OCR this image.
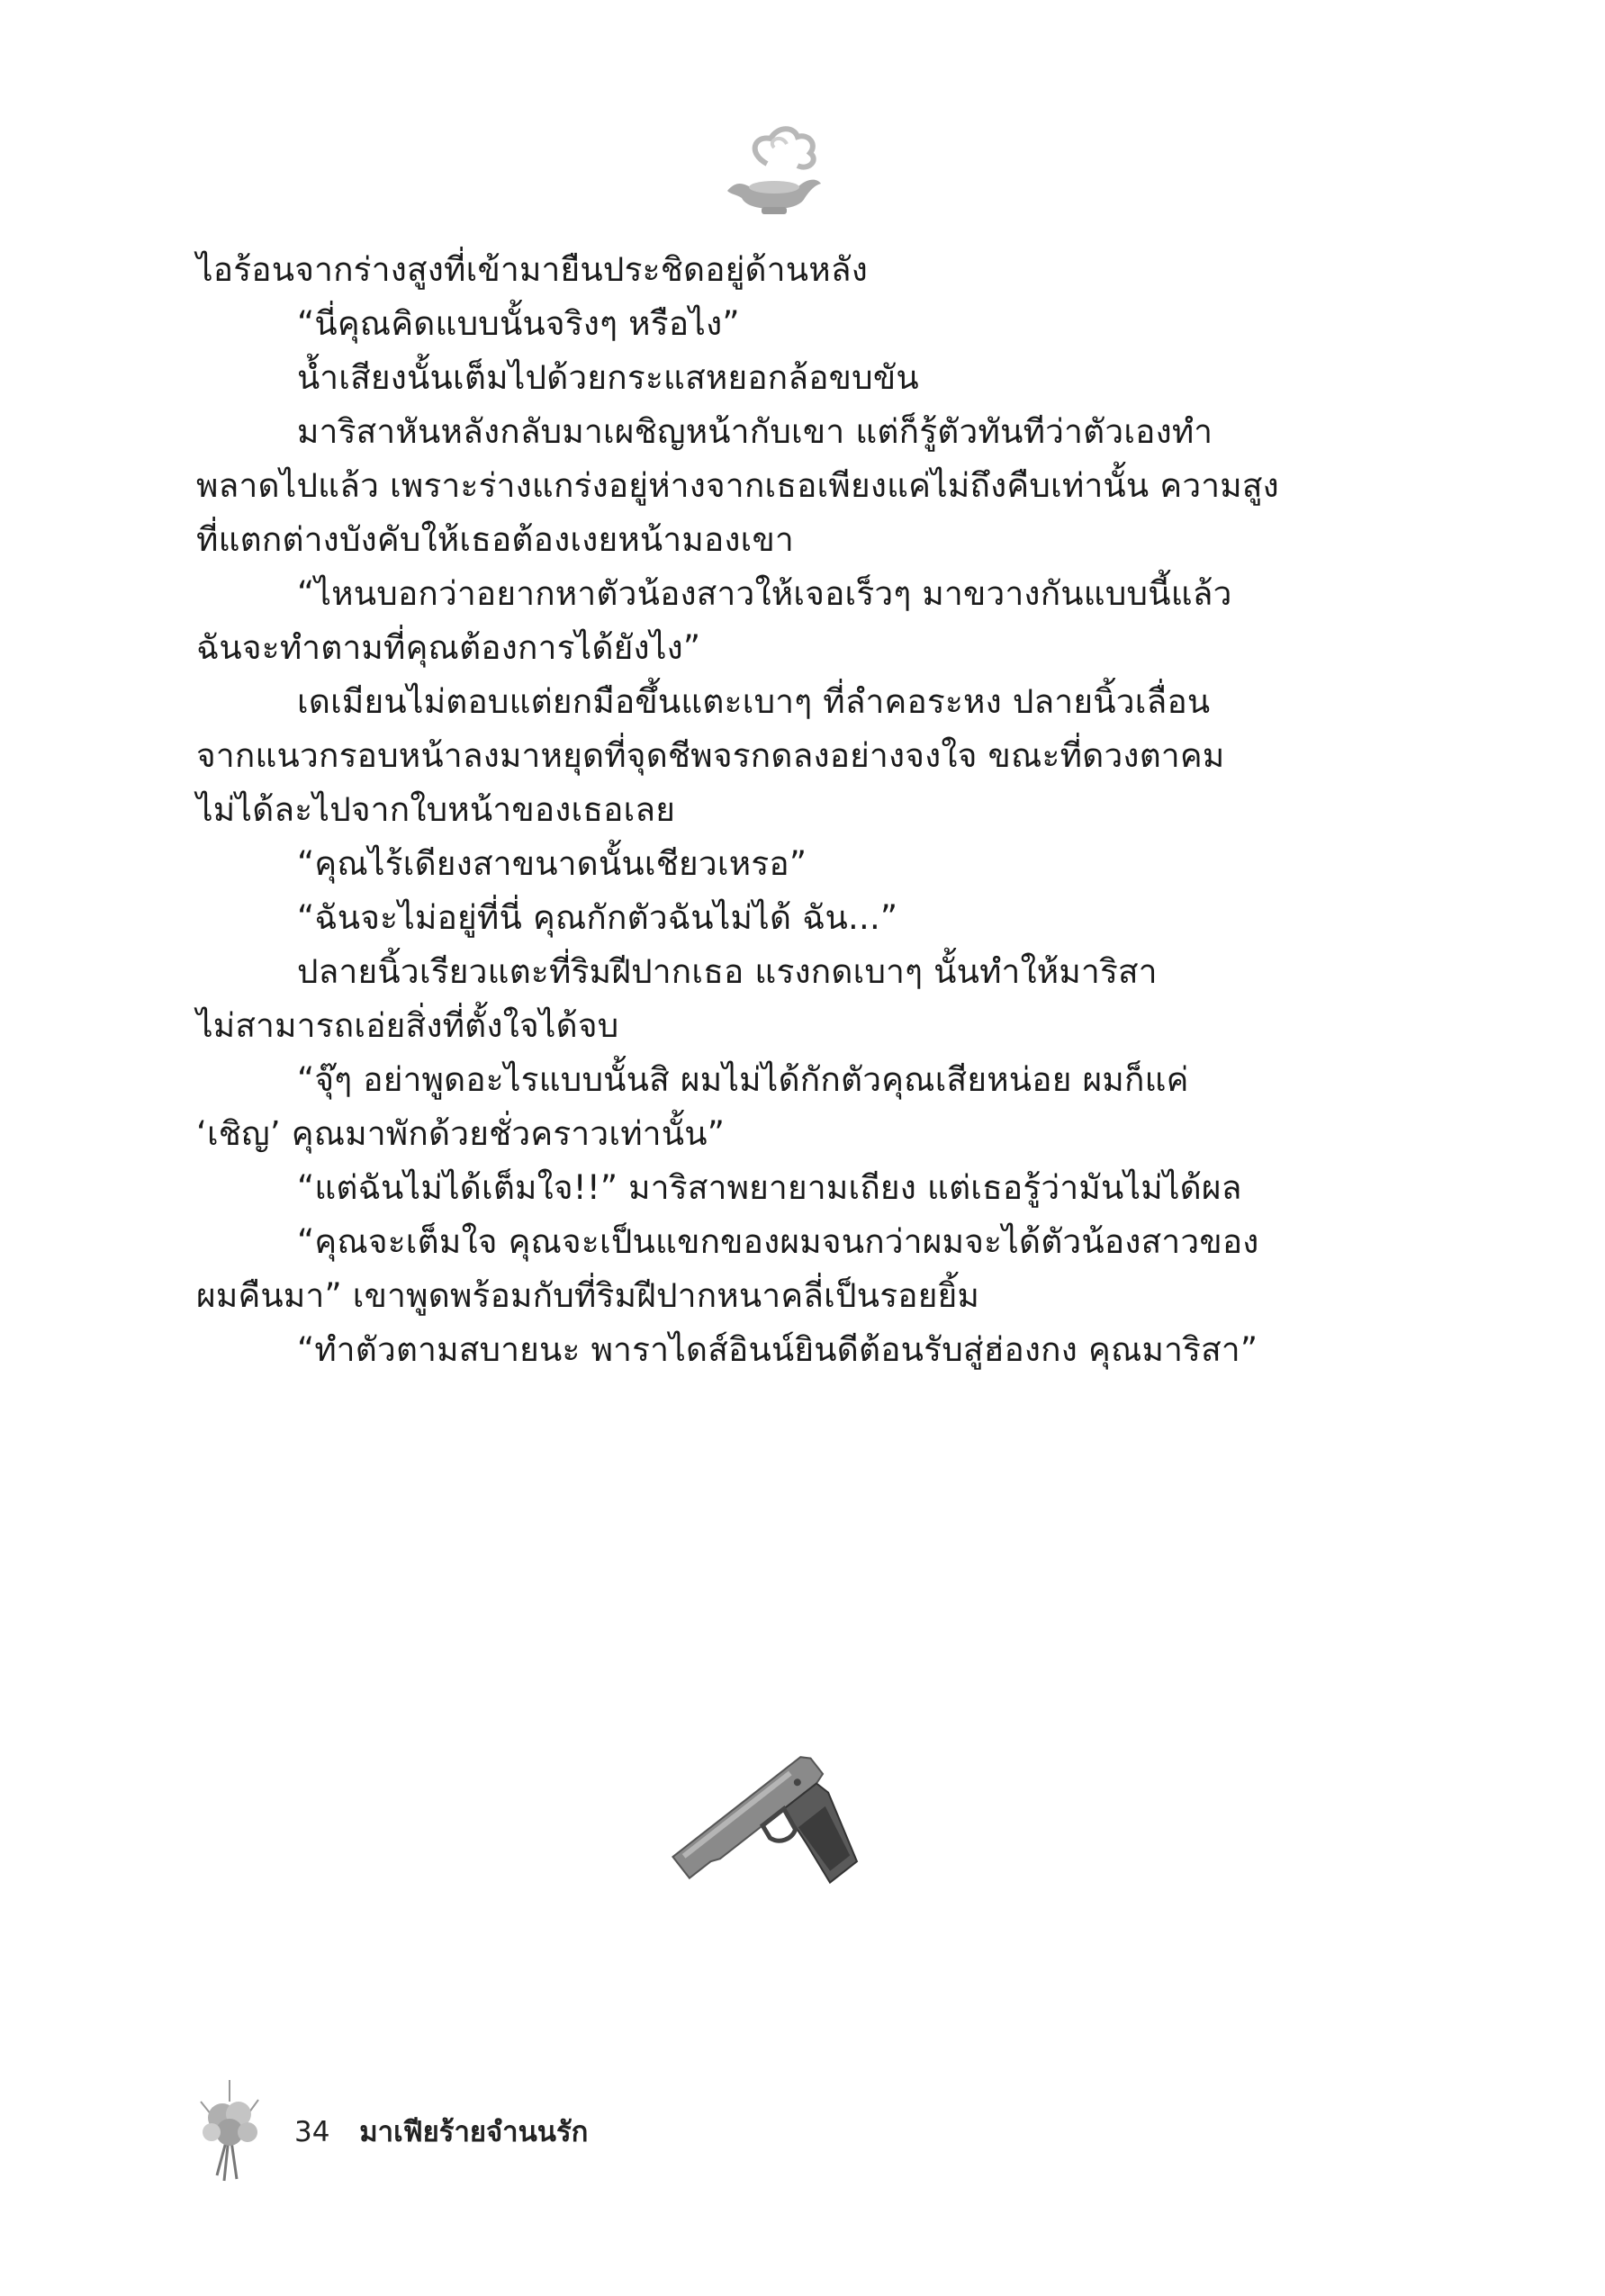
ไอร้อนจากร่างสูงที่เข้ามายืนประชิดอยู่ด้านหลัง

“นี่คุณคิดแบบนั้นจริงๆ หรือไง”

น้ำเสียงนั้นเต็มไปด้วยกระแสหยอกล้อขบขัน

มาริสาหันหลังกลับมาเผชิญหน้ากับเขา แต่ก็รู้ตัวทันทีว่าตัวเองทำ

พลาดไปแล้ว เพราะร่างแกร่งอยู่ห่างจากเธอเพียงแค่ไม่ถึงคืบเท่านั้น ความสูง

ที่แตกต่างบังคับให้เธอต้องเงยหน้ามองเขา

“ไหนบอกว่าอยากหาตัวน้องสาวให้เจอเร็วๆ มาขวางกันแบบนี้แล้ว

ฉันจะทำตามที่คุณต้องการได้ยังไง”

เดเมียนไม่ตอบแต่ยกมือขึ้นแตะเบาๆ ที่ลำคอระหง ปลายนิ้วเลื่อน

จากแนวกรอบหน้าลงมาหยุดที่จุดชีพจรกดลงอย่างจงใจ ขณะที่ดวงตาคม

ไม่ได้ละไปจากใบหน้าของเธอเลย

“คุณไร้เดียงสาขนาดนั้นเชียวเหรอ”

“ฉันจะไม่อยู่ที่นี่ คุณกักตัวฉันไม่ได้ ฉัน...”

ปลายนิ้วเรียวแตะที่ริมฝีปากเธอ แรงกดเบาๆ นั้นทำให้มาริสา

ไม่สามารถเอ่ยสิ่งที่ตั้งใจได้จบ

“จุ๊ๆ อย่าพูดอะไรแบบนั้นสิ ผมไม่ได้กักตัวคุณเสียหน่อย ผมก็แค่

‘เชิญ’ คุณมาพักด้วยชั่วคราวเท่านั้น”

“แต่ฉันไม่ได้เต็มใจ!!” มาริสาพยายามเถียง แต่เธอรู้ว่ามันไม่ได้ผล

“คุณจะเต็มใจ คุณจะเป็นแขกของผมจนกว่าผมจะได้ตัวน้องสาวของ

ผมคืนมา” เขาพูดพร้อมกับที่ริมฝีปากหนาคลี่เป็นรอยยิ้ม

“ทำตัวตามสบายนะ พาราไดส์อินน์ยินดีต้อนรับสู่ฮ่องกง คุณมาริสา”

34 มาเฟียร้ายจำนนรัก
